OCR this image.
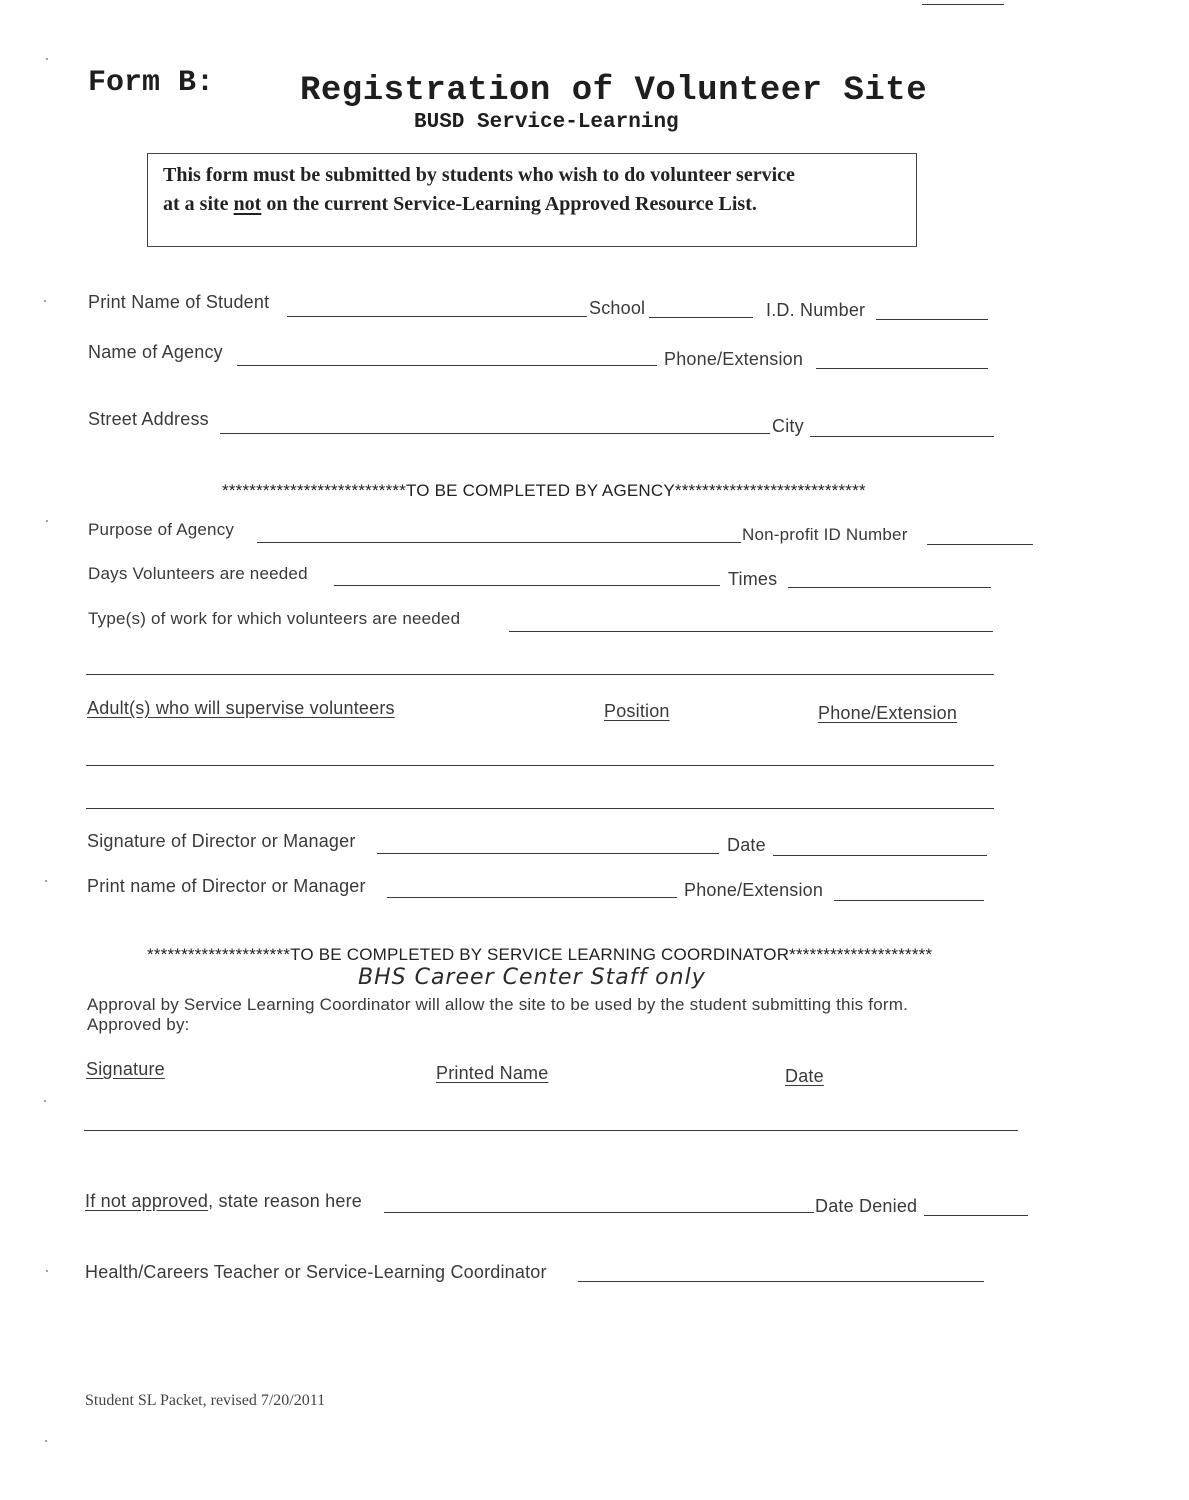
Form B:	Registration of Volunteer Site
BUSD Service-Learning
This form must be submitted by students who wish to do volunteer service
at a site not on the current Service-Learning Approved Resource List.
Print Name of Student	School	I.D. Number
Name of Agency	Phone/Extension
Street Address	City
***************************TO BE COMPLETED BY AGENCY****************************
Purpose of Agency	Non-profit ID Number
Days Volunteers are needed	Times
Type(s) of work for which volunteers are needed
Adult(s) who will supervise volunteers	Position	Phone/Extension
Signature of Director or Manager	Date
Print name of Director or Manager	Phone/Extension
*********************TO BE COMPLETED BY SERVICE LEARNING COORDINATOR*********************
BHS Career Center Staff only
Approval by Service Learning Coordinator will allow the site to be used by the student submitting this form.
Approved by:
Signature	Printed Name	Date
If not approved, state reason here	Date Denied
Health/Careers Teacher or Service-Learning Coordinator
Student SL Packet, revised 7/20/2011
